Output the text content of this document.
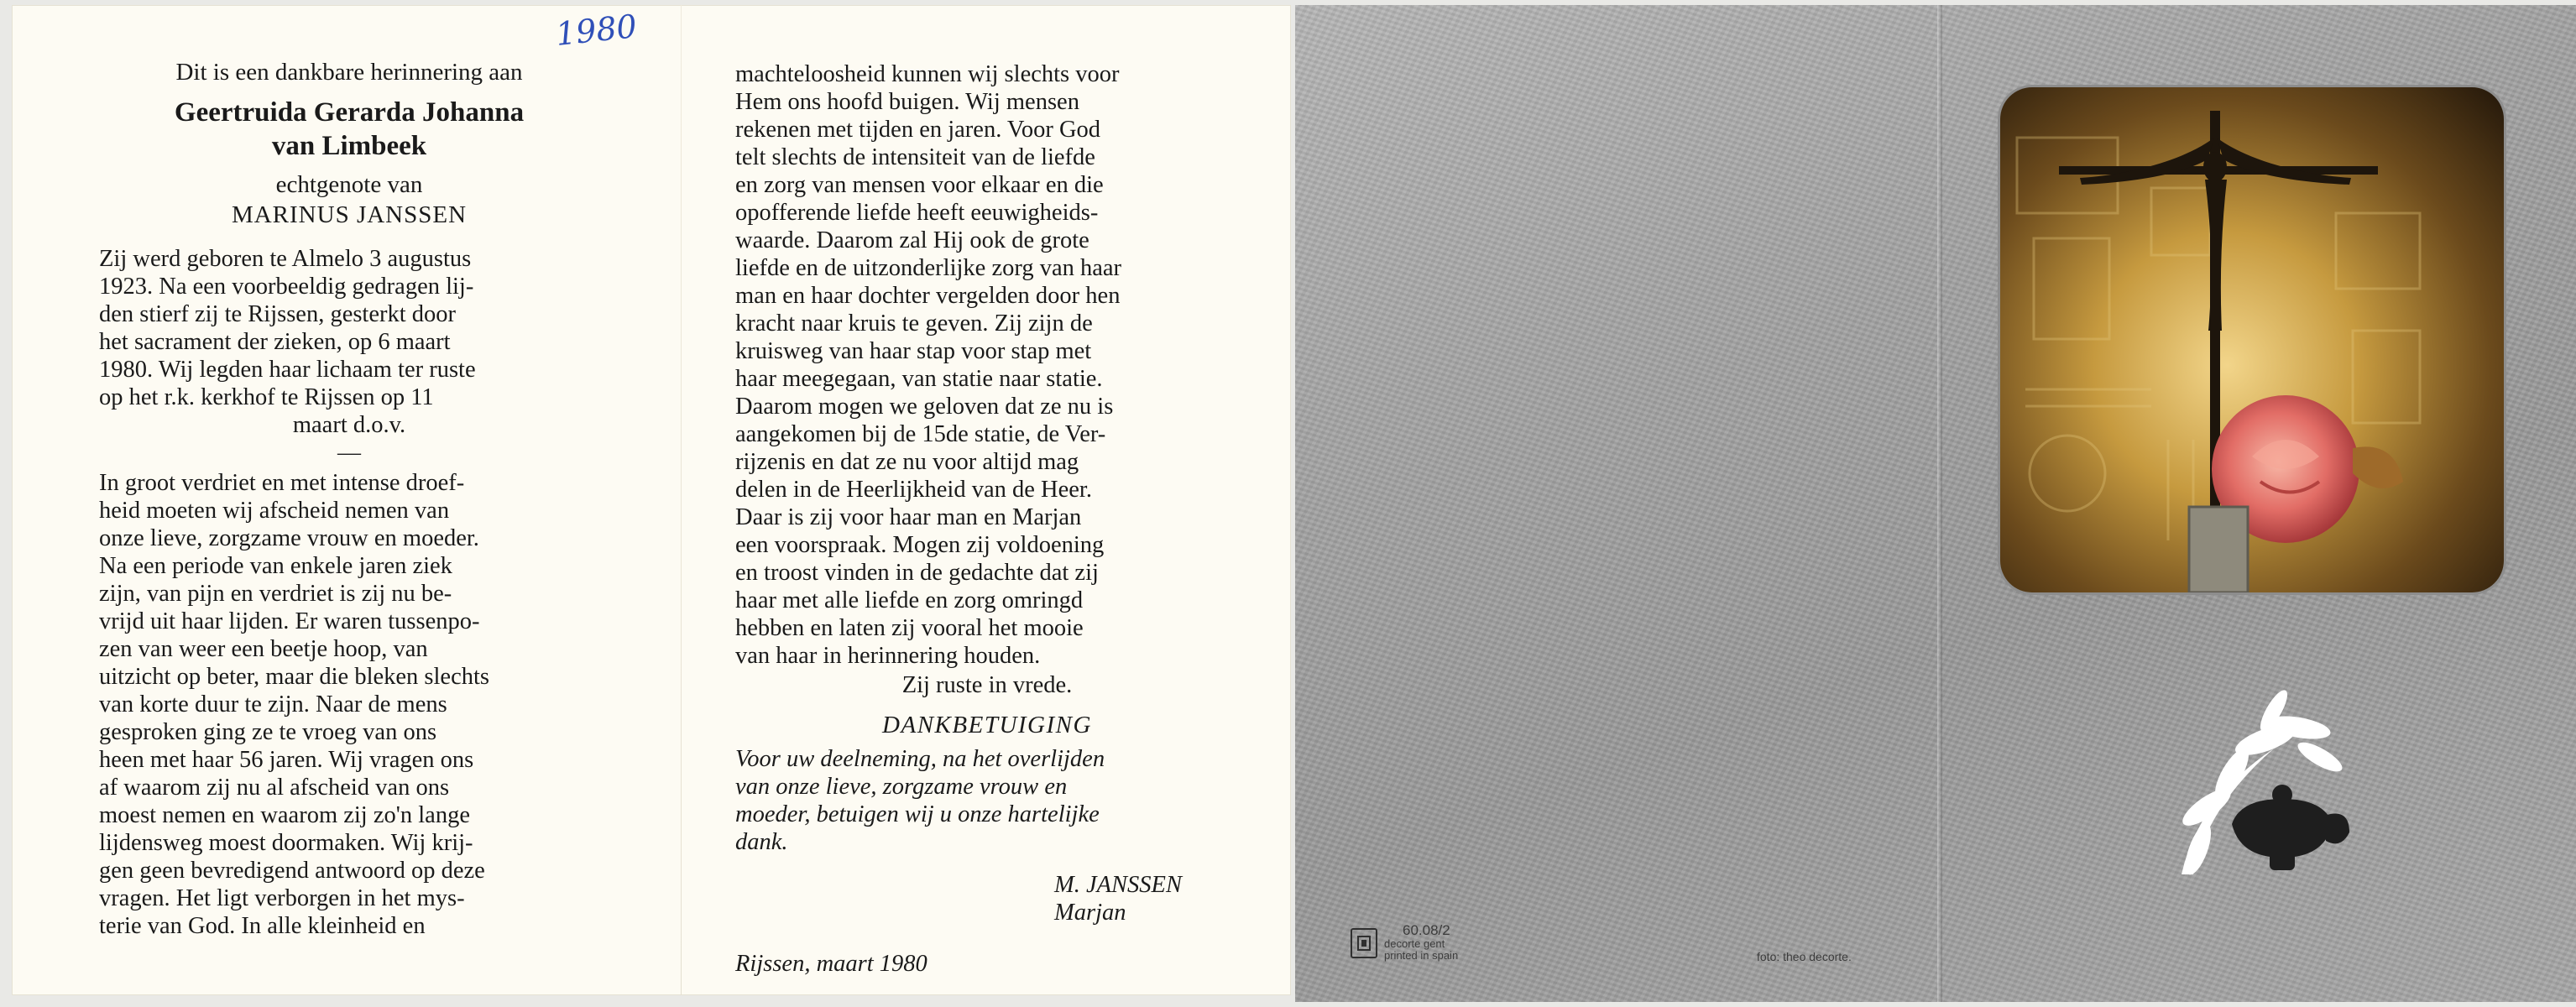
1980
Dit is een dankbare herinnering aan
Geertruida Gerarda Johanna
van Limbeek
echtgenote van
MARINUS JANSSEN

Zij werd geboren te Almelo 3 augustus

1923. Na een voorbeeldig gedragen lij-

den stierf zij te Rijssen, gesterkt door

het sacrament der zieken, op 6 maart

1980. Wij legden haar lichaam ter ruste

op het r.k. kerkhof te Rijssen op 11

maart d.o.v.

—

In groot verdriet en met intense droef-

heid moeten wij afscheid nemen van

onze lieve, zorgzame vrouw en moeder.

Na een periode van enkele jaren ziek

zijn, van pijn en verdriet is zij nu be-

vrijd uit haar lijden. Er waren tussenpo-

zen van weer een beetje hoop, van

uitzicht op beter, maar die bleken slechts

van korte duur te zijn. Naar de mens

gesproken ging ze te vroeg van ons

heen met haar 56 jaren. Wij vragen ons

af waarom zij nu al afscheid van ons

moest nemen en waarom zij zo'n lange

lijdensweg moest doormaken. Wij krij-

gen geen bevredigend antwoord op deze

vragen. Het ligt verborgen in het mys-

terie van God. In alle kleinheid en

machteloosheid kunnen wij slechts voor

Hem ons hoofd buigen. Wij mensen

rekenen met tijden en jaren. Voor God

telt slechts de intensiteit van de liefde

en zorg van mensen voor elkaar en die

opofferende liefde heeft eeuwigheids-

waarde. Daarom zal Hij ook de grote

liefde en de uitzonderlijke zorg van haar

man en haar dochter vergelden door hen

kracht naar kruis te geven. Zij zijn de

kruisweg van haar stap voor stap met

haar meegegaan, van statie naar statie.

Daarom mogen we geloven dat ze nu is

aangekomen bij de 15de statie, de Ver-

rijzenis en dat ze nu voor altijd mag

delen in de Heerlijkheid van de Heer.

Daar is zij voor haar man en Marjan

een voorspraak. Mogen zij voldoening

en troost vinden in de gedachte dat zij

haar met alle liefde en zorg omringd

hebben en laten zij vooral het mooie

van haar in herinnering houden.

Zij ruste in vrede.
DANKBETUIGING

Voor uw deelneming, na het overlijden

van onze lieve, zorgzame vrouw en

moeder, betuigen wij u onze hartelijke

dank.

M. JANSSEN
Marjan
Rijssen, maart 1980
60.08/2
decorte gent
printed in spain	foto: theo decorte.
